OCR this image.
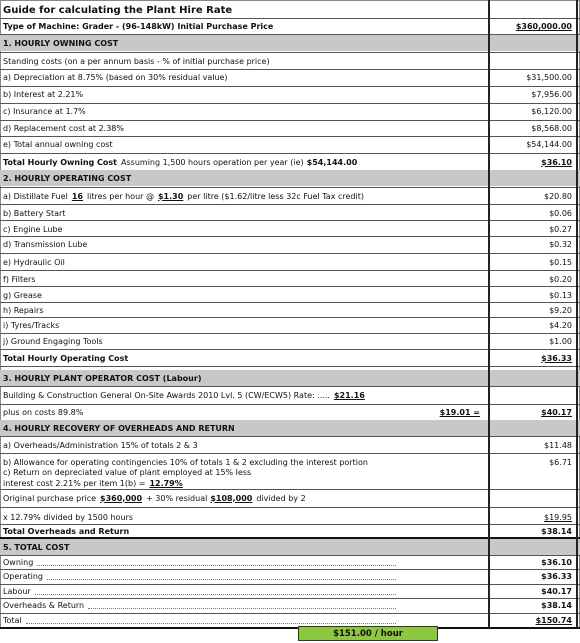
Guide for calculating the Plant Hire Rate
Type of Machine: Grader - (96-148kW) Initial Purchase Price	$360,000.00
1. HOURLY OWNING COST
Standing costs (on a per annum basis - % of initial purchase price)
a) Depreciation at 8.75% (based on 30% residual value)	$31,500.00
b) Interest at 2.21%	$7,956.00
c) Insurance at 1.7%	$6,120.00
d) Replacement cost at 2.38%	$8,568.00
e) Total annual owning cost	$54,144.00
Total Hourly Owning Cost Assuming 1,500 hours operation per year (ie) $54,144.00	$36.10
2. HOURLY OPERATING COST
a) Distillate Fuel 16 litres per hour @ $1.30 per litre ($1.62/litre less 32c Fuel Tax credit)	$20.80
b) Battery Start	$0.06
c) Engine Lube	$0.27
d) Transmission Lube	$0.32
e) Hydraulic Oil	$0.15
f) Filters	$0.20
g) Grease	$0.13
h) Repairs	$9.20
i) Tyres/Tracks	$4.20
j) Ground Engaging Tools	$1.00
Total Hourly Operating Cost	$36.33
3. HOURLY PLANT OPERATOR COST (Labour)
Building & Construction General On-Site Awards 2010 Lvl. 5 (CW/ECW5) Rate: ..... $21.16
plus on costs 89.8%	$19.01 =	$40.17
4. HOURLY RECOVERY OF OVERHEADS AND RETURN
a) Overheads/Administration 15% of totals 2 & 3	$11.48
b) Allowance for operating contingencies 10% of totals 1 & 2 excluding the interest portion	$6.71
c) Return on depreciated value of plant employed at 15% less
interest cost 2.21% per item 1(b) = 12.79%
Original purchase price $360,000 + 30% residual $108,000 divided by 2
x 12.79% divided by 1500 hours	$19.95
Total Overheads and Return	$38.14
5. TOTAL COST
Owning	$36.10
Operating	$36.33
Labour	$40.17
Overheads & Return	$38.14
Total	$150.74
$151.00 / hour
